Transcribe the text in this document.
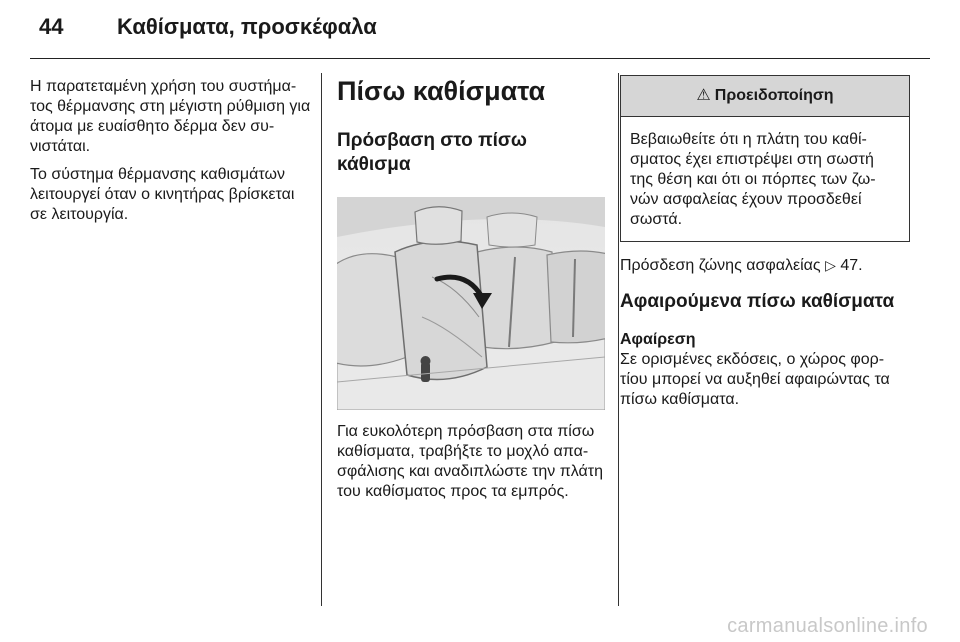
44 Καθίσματα, προσκέφαλα

Η παρατεταμένη χρήση του συστήμα-τος θέρμανσης στη μέγιστη ρύθμιση για άτομα με ευαίσθητο δέρμα δεν συ-νιστάται.

Το σύστημα θέρμανσης καθισμάτων λειτουργεί όταν ο κινητήρας βρίσκεται σε λειτουργία.

Πίσω καθίσματα
Πρόσβαση στο πίσω κάθισμα

Για ευκολότερη πρόσβαση στα πίσω καθίσματα, τραβήξτε το μοχλό απα-σφάλισης και αναδιπλώστε την πλάτη του καθίσματος προς τα εμπρός.

⚠ Προειδοποίηση
Βεβαιωθείτε ότι η πλάτη του καθί-σματος έχει επιστρέψει στη σωστή της θέση και ότι οι πόρπες των ζω-νών ασφαλείας έχουν προσδεθεί σωστά.

Πρόσδεση ζώνης ασφαλείας ▷ 47.

Αφαιρούμενα πίσω καθίσματα
Αφαίρεση

Σε ορισμένες εκδόσεις, ο χώρος φορ-τίου μπορεί να αυξηθεί αφαιρώντας τα πίσω καθίσματα.

carmanualsonline.info
